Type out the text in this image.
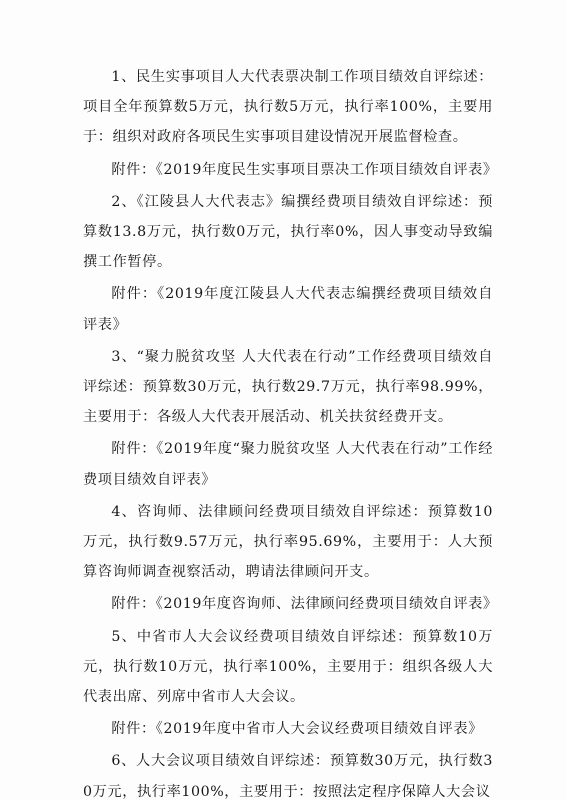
1、民生实事项目人大代表票决制工作项目绩效自评综述：项目全年预算数5万元，执行数5万元，执行率100%，主要用于：组织对政府各项民生实事项目建设情况开展监督检查。

附件：《2019年度民生实事项目票决工作项目绩效自评表》

2、《江陵县人大代表志》编撰经费项目绩效自评综述：预算数13.8万元，执行数0万元，执行率0%，因人事变动导致编撰工作暂停。

附件：《2019年度江陵县人大代表志编撰经费项目绩效自评表》

3、“聚力脱贫攻坚 人大代表在行动”工作经费项目绩效自评综述：预算数30万元，执行数29.7万元，执行率98.99%，主要用于：各级人大代表开展活动、机关扶贫经费开支。

附件：《2019年度“聚力脱贫攻坚 人大代表在行动”工作经费项目绩效自评表》

4、咨询师、法律顾问经费项目绩效自评综述：预算数10万元，执行数9.57万元，执行率95.69%，主要用于：人大预算咨询师调查视察活动，聘请法律顾问开支。

附件：《2019年度咨询师、法律顾问经费项目绩效自评表》

5、中省市人大会议经费项目绩效自评综述：预算数10万元，执行数10万元，执行率100%，主要用于：组织各级人大代表出席、列席中省市人大会议。

附件：《2019年度中省市人大会议经费项目绩效自评表》

6、人大会议项目绩效自评综述：预算数30万元，执行数30万元，执行率100%，主要用于：按照法定程序保障人大会议
